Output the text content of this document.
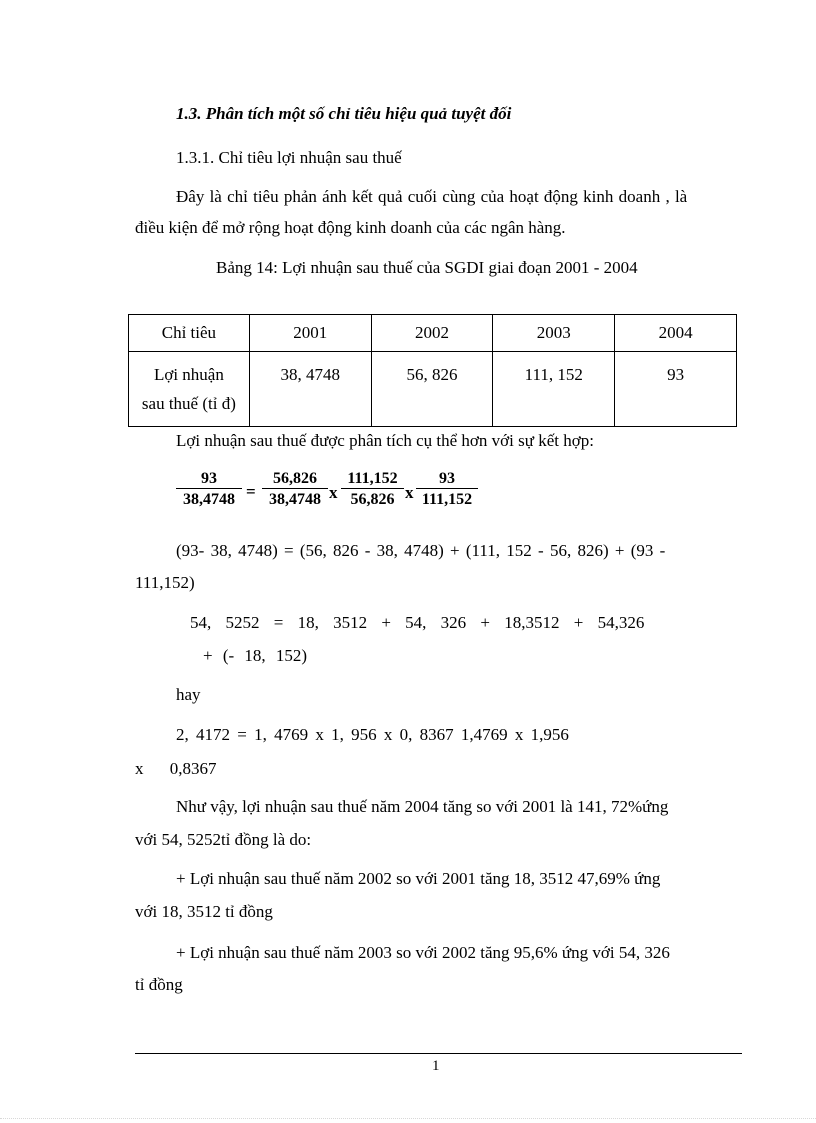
1.3. Phân tích một số chỉ tiêu hiệu quả tuyệt đối
1.3.1. Chỉ tiêu lợi nhuận sau thuế
Đây là chỉ tiêu phản ánh kết quả cuối cùng của hoạt động kinh doanh , là
điều kiện để mở rộng hoạt động kinh doanh của các ngân hàng.
Bảng 14: Lợi nhuận sau thuế của SGDI giai đoạn 2001 - 2004
Chỉ tiêu	2001	2002	2003	2004

Lợi nhuận
sau thuế (tỉ đ)	38, 4748	56, 826	111, 152	93
Lợi nhuận sau thuế được phân tích cụ thể hơn với sự kết hợp:
$\frac{93}{38,4748} = \frac{56,826}{38,4748}$ x $\frac{111,152}{56,826}$ x $\frac{93}{111,152}$
(93- 38, 4748) = (56, 826 - 38, 4748) + (111, 152 - 56, 826) + (93 -
111,152)
54, 5252 = 18, 3512 + 54, 326 + 18,3512 + 54,326
+ (- 18, 152)
hay
2, 4172 = 1, 4769 x 1, 956 x 0, 8367 1,4769 x 1,956
x 0,8367
Như vậy, lợi nhuận sau thuế năm 2004 tăng so với 2001 là 141, 72%ứng
với 54, 5252tỉ đồng là do:
+ Lợi nhuận sau thuế năm 2002 so với 2001 tăng 18, 3512 47,69% ứng
với 18, 3512 tỉ đồng
+ Lợi nhuận sau thuế năm 2003 so với 2002 tăng 95,6% ứng với 54, 326
tỉ đồng
1
